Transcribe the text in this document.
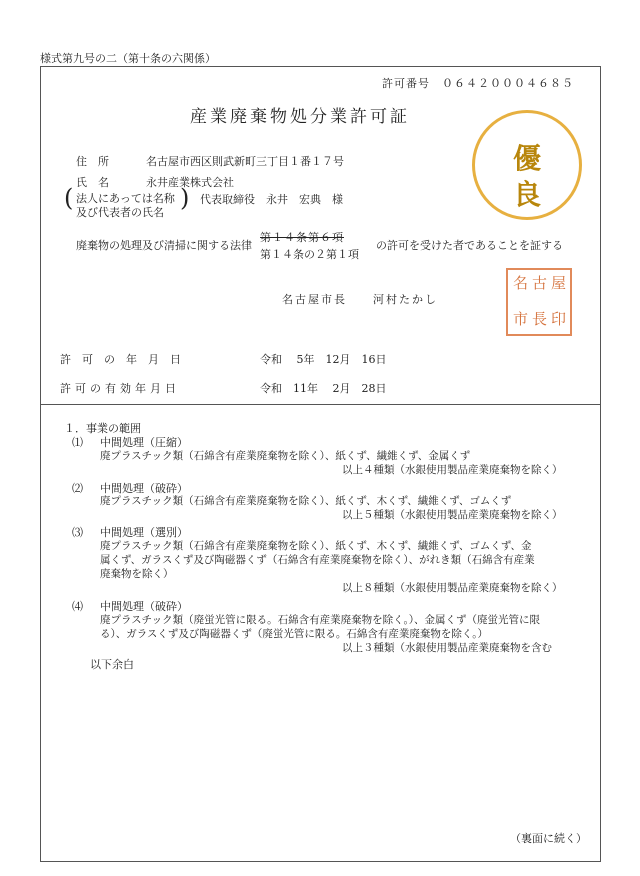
様式第九号の二（第十条の六関係）

許可番号　０６４２０００４６８５
産業廃棄物処分業許可証
優
良
住　所	名古屋市西区則武新町三丁目１番１７号
氏　名	永井産業株式会社
( 法人にあっては名称
及び代表者の氏名
) 代表取締役　永井　宏典　様
廃棄物の処理及び清掃に関する法律
第１４条第６項
第１４条の２第１項
の許可を受けた者であることを証する
名古屋市長　　河村たかし
名 古 屋
市 長 印
許　可　の　年　月　日	令和　 5年　12月　16日
許可の有効年月日	令和　11年　 2月　28日
１．事業の範囲
⑴ 中間処理（圧縮）
廃プラスチック類（石綿含有産業廃棄物を除く）、紙くず、繊維くず、金属くず
以上４種類（水銀使用製品産業廃棄物を除く）
⑵ 中間処理（破砕）
廃プラスチック類（石綿含有産業廃棄物を除く）、紙くず、木くず、繊維くず、ゴムくず
以上５種類（水銀使用製品産業廃棄物を除く）
⑶ 中間処理（選別）
廃プラスチック類（石綿含有産業廃棄物を除く）、紙くず、木くず、繊維くず、ゴムくず、金
属くず、ガラスくず及び陶磁器くず（石綿含有産業廃棄物を除く）、がれき類（石綿含有産業
廃棄物を除く）
以上８種類（水銀使用製品産業廃棄物を除く）
⑷ 中間処理（破砕）
廃プラスチック類（廃蛍光管に限る。石綿含有産業廃棄物を除く。）、金属くず（廃蛍光管に限
る）、ガラスくず及び陶磁器くず（廃蛍光管に限る。石綿含有産業廃棄物を除く。）
以上３種類（水銀使用製品産業廃棄物を含む
以下余白
（裏面に続く）
